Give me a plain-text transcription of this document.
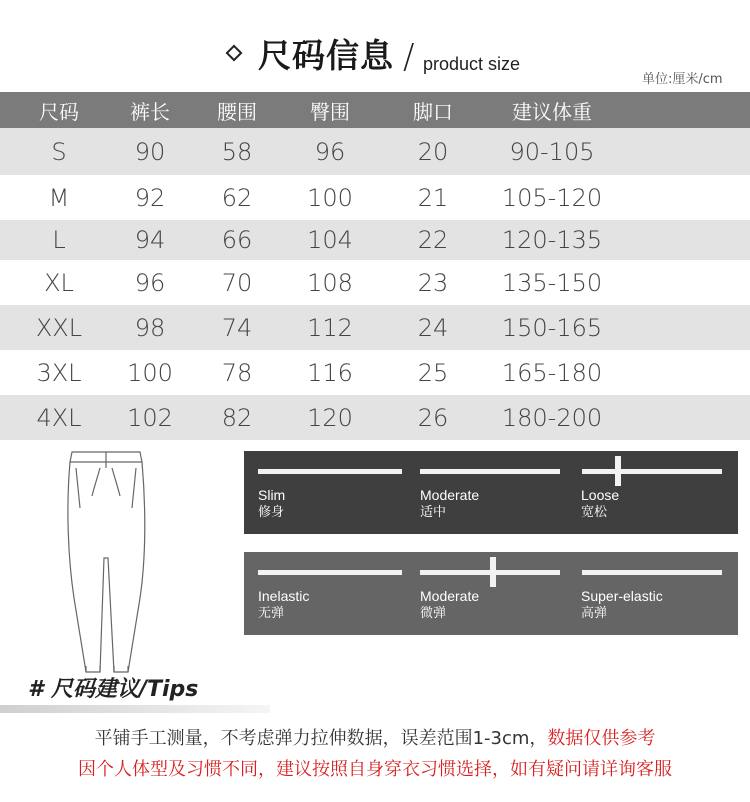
尺码信息 / product size
单位:厘米/cm
尺码	裤长	腰围	臀围	脚口	建议体重
S	90	58	96	20	90-105
M	92	62	100	21	105-120
L	94	66	104	22	120-135
XL	96	70	108	23	135-150
XXL	98	74	112	24	150-165
3XL	100	78	116	25	165-180
4XL	102	82	120	26	180-200
Slim
修身
Moderate
适中
Loose
宽松
Inelastic
无弹
Moderate
微弹
Super-elastic
高弹
# 尺码建议/Tips
平铺手工测量，不考虑弹力拉伸数据，误差范围1-3cm，数据仅供参考
因个人体型及习惯不同，建议按照自身穿衣习惯选择，如有疑问请详询客服
